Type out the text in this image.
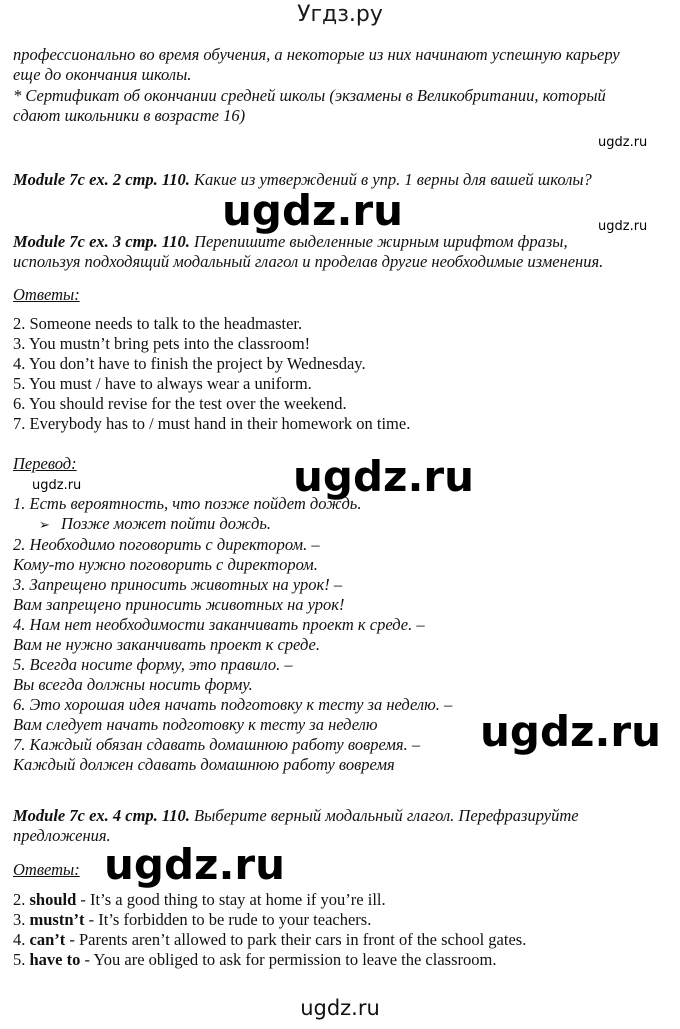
Угдз.ру
профессионально во время обучения, а некоторые из них начинают успешную карьеру
еще до окончания школы.
* Сертификат об окончании средней школы (экзамены в Великобритании, который
сдают школьники в возрасте 16)
ugdz.ru
Module 7c ex. 2 стр. 110. Какие из утверждений в упр. 1 верны для вашей школы?
ugdz.ru	ugdz.ru
Module 7c ex. 3 стр. 110. Перепишите выделенные жирным шрифтом фразы,
используя подходящий модальный глагол и проделав другие необходимые изменения.
Ответы:
2. Someone needs to talk to the headmaster.
3. You mustn’t bring pets into the classroom!
4. You don’t have to finish the project by Wednesday.
5. You must / have to always wear a uniform.
6. You should revise for the test over the weekend.
7. Everybody has to / must hand in their homework on time.
Перевод:	ugdz.ru
ugdz.ru
1. Есть вероятность, что позже пойдет дождь.
➢ Позже может пойти дождь.
2. Необходимо поговорить с директором. –
Кому-то нужно поговорить с директором.
3. Запрещено приносить животных на урок! –
Вам запрещено приносить животных на урок!
4. Нам нет необходимости заканчивать проект к среде. –
Вам не нужно заканчивать проект к среде.
5. Всегда носите форму, это правило. –
Вы всегда должны носить форму.
6. Это хорошая идея начать подготовку к тесту за неделю. –
Вам следует начать подготовку к тесту за неделю
7. Каждый обязан сдавать домашнюю работу вовремя. –
Каждый должен сдавать домашнюю работу вовремя
ugdz.ru
Module 7c ex. 4 стр. 110. Выберите верный модальный глагол. Перефразируйте
предложения.
Ответы: ugdz.ru
2. should - It’s a good thing to stay at home if you’re ill.
3. mustn’t - It’s forbidden to be rude to your teachers.
4. can’t - Parents aren’t allowed to park their cars in front of the school gates.
5. have to - You are obliged to ask for permission to leave the classroom.
ugdz.ru
